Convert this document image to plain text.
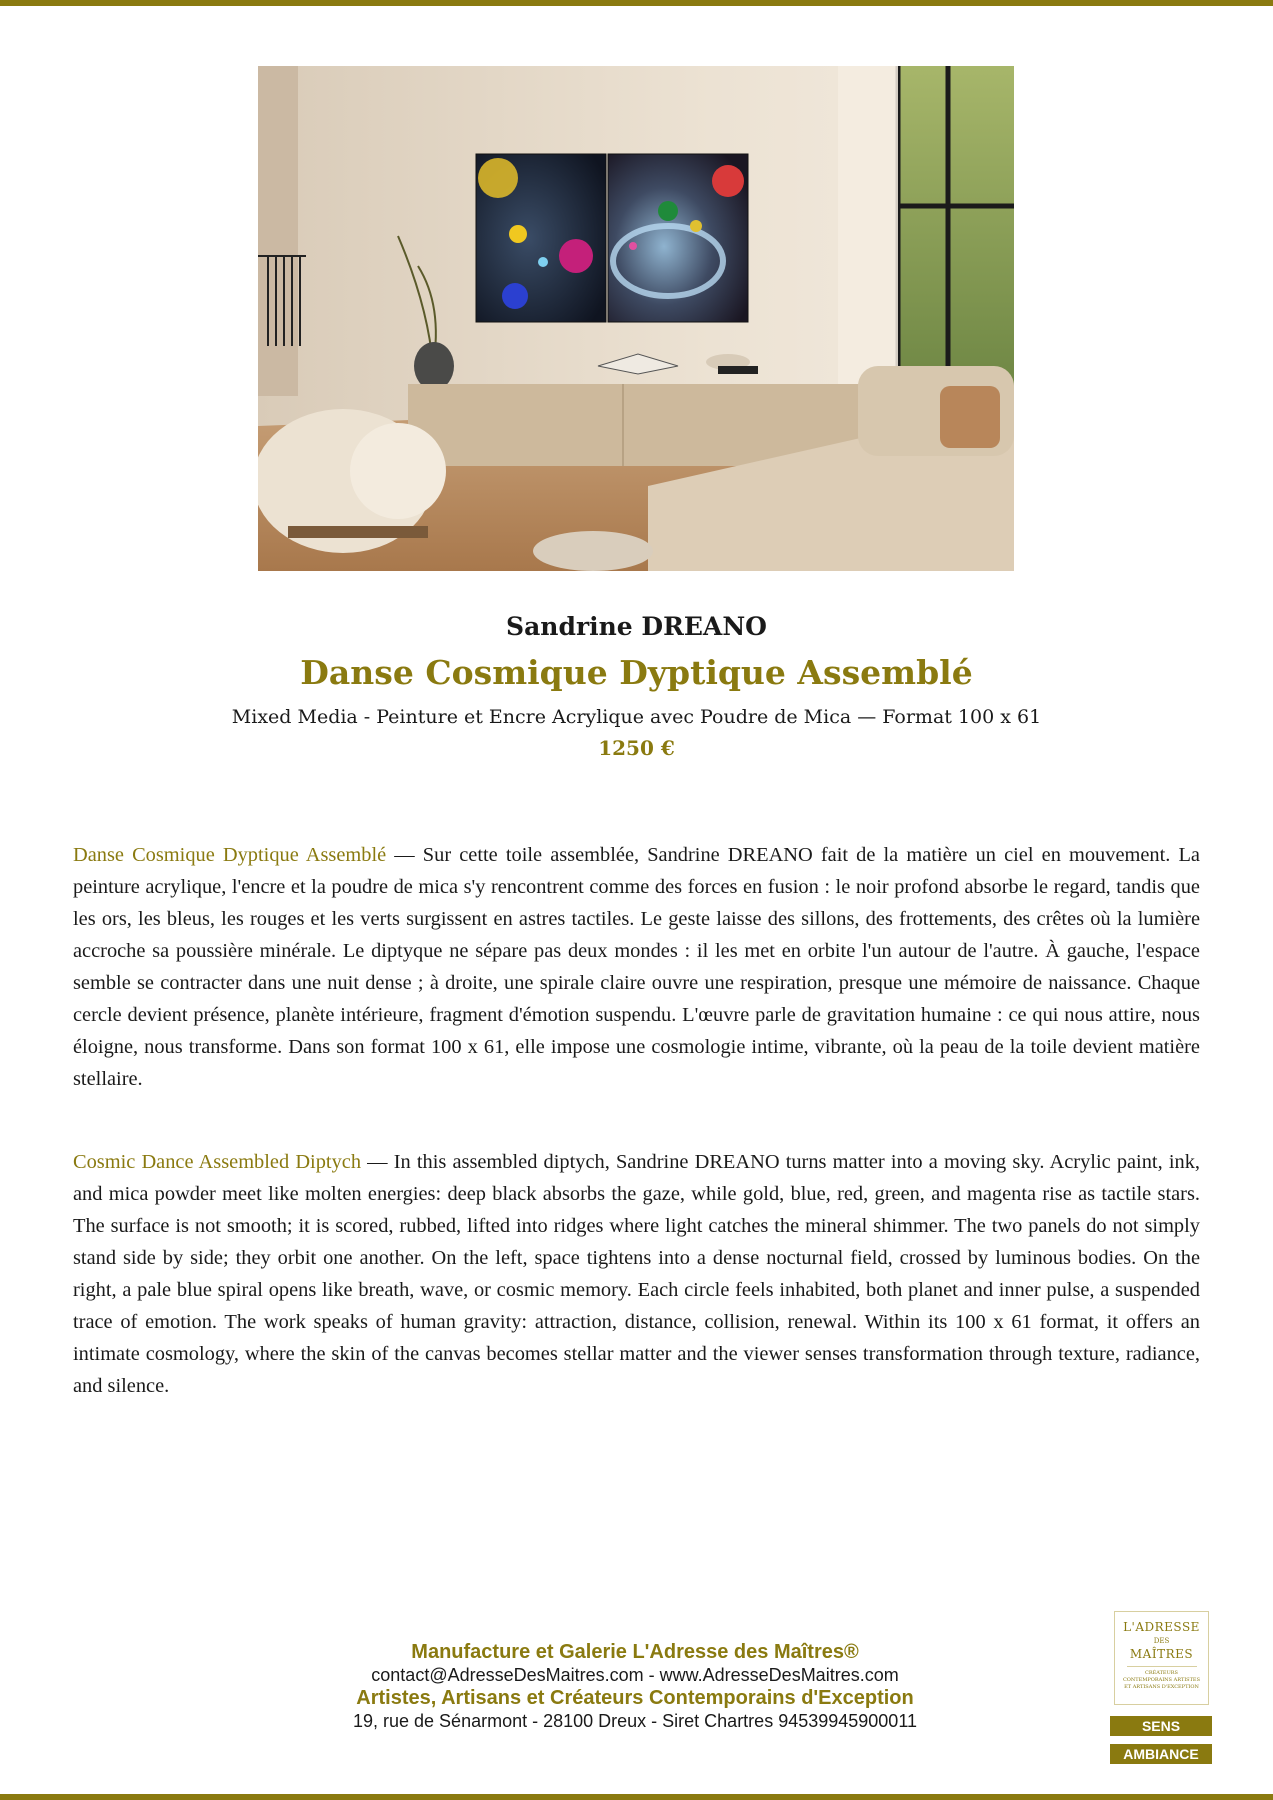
Sandrine DREANO

Danse Cosmique Dyptique Assemblé

Mixed Media - Peinture et Encre Acrylique avec Poudre de Mica — Format 100 x 61

1250 €

Danse Cosmique Dyptique Assemblé — Sur cette toile assemblée, Sandrine DREANO fait de la matière un ciel en mouvement. La peinture acrylique, l'encre et la poudre de mica s'y rencontrent comme des forces en fusion : le noir profond absorbe le regard, tandis que les ors, les bleus, les rouges et les verts surgissent en astres tactiles. Le geste laisse des sillons, des frottements, des crêtes où la lumière accroche sa poussière minérale. Le diptyque ne sépare pas deux mondes : il les met en orbite l'un autour de l'autre. À gauche, l'espace semble se contracter dans une nuit dense ; à droite, une spirale claire ouvre une respiration, presque une mémoire de naissance. Chaque cercle devient présence, planète intérieure, fragment d'émotion suspendu. L'œuvre parle de gravitation humaine : ce qui nous attire, nous éloigne, nous transforme. Dans son format 100 x 61, elle impose une cosmologie intime, vibrante, où la peau de la toile devient matière stellaire.

Cosmic Dance Assembled Diptych — In this assembled diptych, Sandrine DREANO turns matter into a moving sky. Acrylic paint, ink, and mica powder meet like molten energies: deep black absorbs the gaze, while gold, blue, red, green, and magenta rise as tactile stars. The surface is not smooth; it is scored, rubbed, lifted into ridges where light catches the mineral shimmer. The two panels do not simply stand side by side; they orbit one another. On the left, space tightens into a dense nocturnal field, crossed by luminous bodies. On the right, a pale blue spiral opens like breath, wave, or cosmic memory. Each circle feels inhabited, both planet and inner pulse, a suspended trace of emotion. The work speaks of human gravity: attraction, distance, collision, renewal. Within its 100 x 61 format, it offers an intimate cosmology, where the skin of the canvas becomes stellar matter and the viewer senses transformation through texture, radiance, and silence.

Manufacture et Galerie L'Adresse des Maîtres®
contact@AdresseDesMaitres.com - www.AdresseDesMaitres.com
Artistes, Artisans et Créateurs Contemporains d'Exception
19, rue de Sénarmont - 28100 Dreux - Siret Chartres 94539945900011
L'ADRESSE
DES
MAÎTRES
CRÉATEURS CONTEMPORAINS ARTISTES ET ARTISANS D'EXCEPTION
SENS
AMBIANCE
